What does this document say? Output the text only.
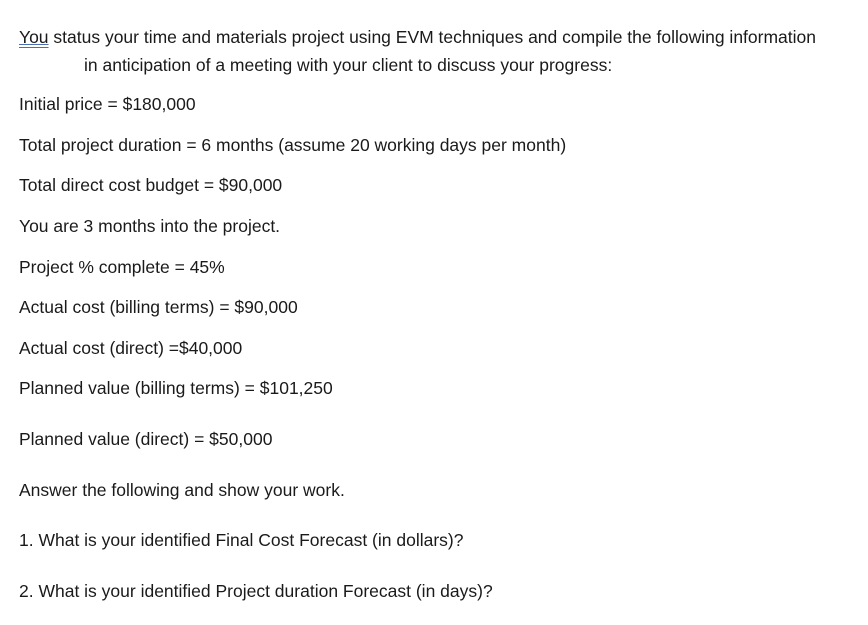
You status your time and materials project using EVM techniques and compile the following information
in anticipation of a meeting with your client to discuss your progress:
Initial price = $180,000
Total project duration = 6 months (assume 20 working days per month)
Total direct cost budget = $90,000
You are 3 months into the project.
Project % complete = 45%
Actual cost (billing terms) = $90,000
Actual cost (direct) =$40,000
Planned value (billing terms) = $101,250
Planned value (direct) = $50,000
Answer the following and show your work.
1. What is your identified Final Cost Forecast (in dollars)?
2. What is your identified Project duration Forecast (in days)?
